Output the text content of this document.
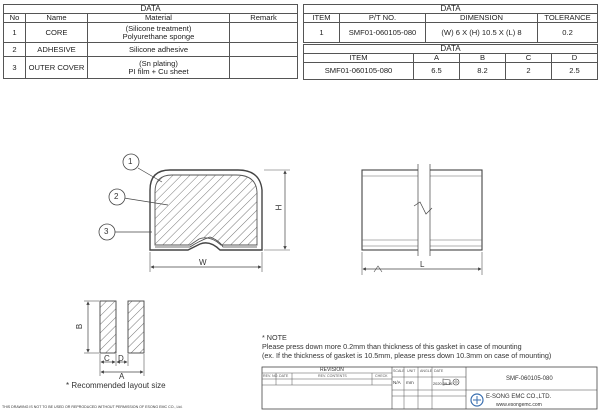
DATA			
No	Name	Material	Remark
1	CORE	(Silicone treatment)
Polyurethane sponge	

2	ADHESIVE	Silicone adhesive	
3	OUTER COVER	(Sn plating)
PI film + Cu sheet	

DATA			
ITEM	P/T NO.	DIMENSION	TOLERANCE
1	SMF01-060105-080	(W) 6 X (H) 10.5 X (L) 8	0.2
DATA				
ITEM	A	B	C	D
SMF01-060105-080	6.5	8.2	2	2.5
1
2
3
W
H
L
B
C D
A
* Recommended layout size
* NOTE
Please press down more 0.2mm than thickness of this gasket in case of mounting
(ex. If the thickness of gasket is 10.5mm, please press down 10.3mm on case of mounting)
REVISION
REV. NO. DATE	REV. CONTENTS	CHECK
SCALE UNIT ANGLE DATE
N/A mm	2020.09.16
SMF-060105-080
E-SONG EMC CO.,LTD.
www.esongemc.com
THIS DRAWING IS NOT TO BE USED OR REPRODUCED WITHOUT PERMISSION OF ESONG EMC CO., Ltd.
